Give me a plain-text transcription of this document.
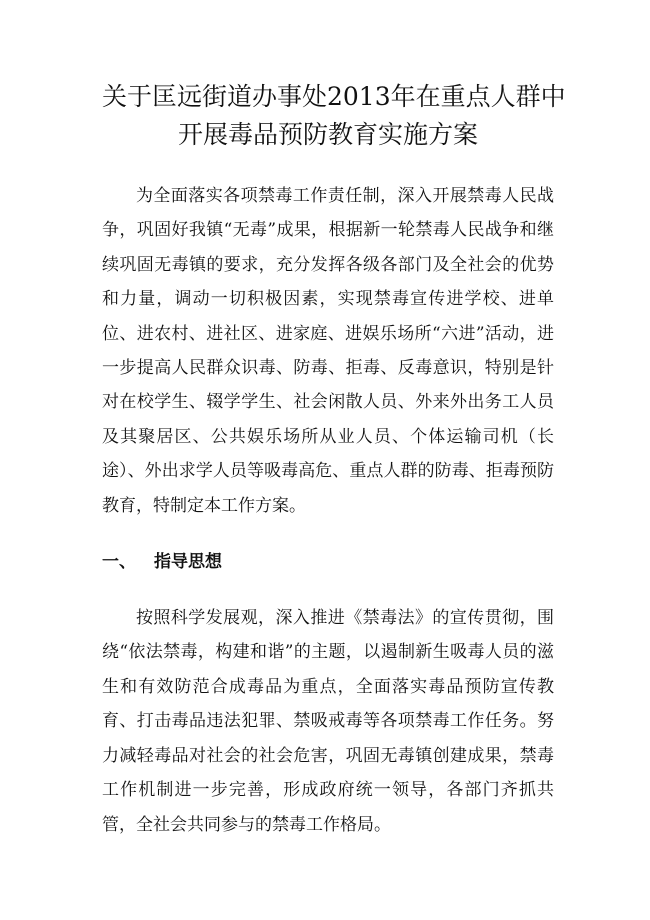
关于匡远街道办事处2013年在重点人群中
开展毒品预防教育实施方案

为全面落实各项禁毒工作责任制，深入开展禁毒人民战争，巩固好我镇“无毒”成果，根据新一轮禁毒人民战争和继续巩固无毒镇的要求，充分发挥各级各部门及全社会的优势和力量，调动一切积极因素，实现禁毒宣传进学校、进单位、进农村、进社区、进家庭、进娱乐场所“六进”活动，进一步提高人民群众识毒、防毒、拒毒、反毒意识，特别是针对在校学生、辍学学生、社会闲散人员、外来外出务工人员及其聚居区、公共娱乐场所从业人员、个体运输司机（长途）、外出求学人员等吸毒高危、重点人群的防毒、拒毒预防教育，特制定本工作方案。

一、	指导思想

按照科学发展观，深入推进《禁毒法》的宣传贯彻，围绕“依法禁毒，构建和谐”的主题，以遏制新生吸毒人员的滋生和有效防范合成毒品为重点，全面落实毒品预防宣传教育、打击毒品违法犯罪、禁吸戒毒等各项禁毒工作任务。努力减轻毒品对社会的社会危害，巩固无毒镇创建成果，禁毒工作机制进一步完善，形成政府统一领导，各部门齐抓共管，全社会共同参与的禁毒工作格局。
